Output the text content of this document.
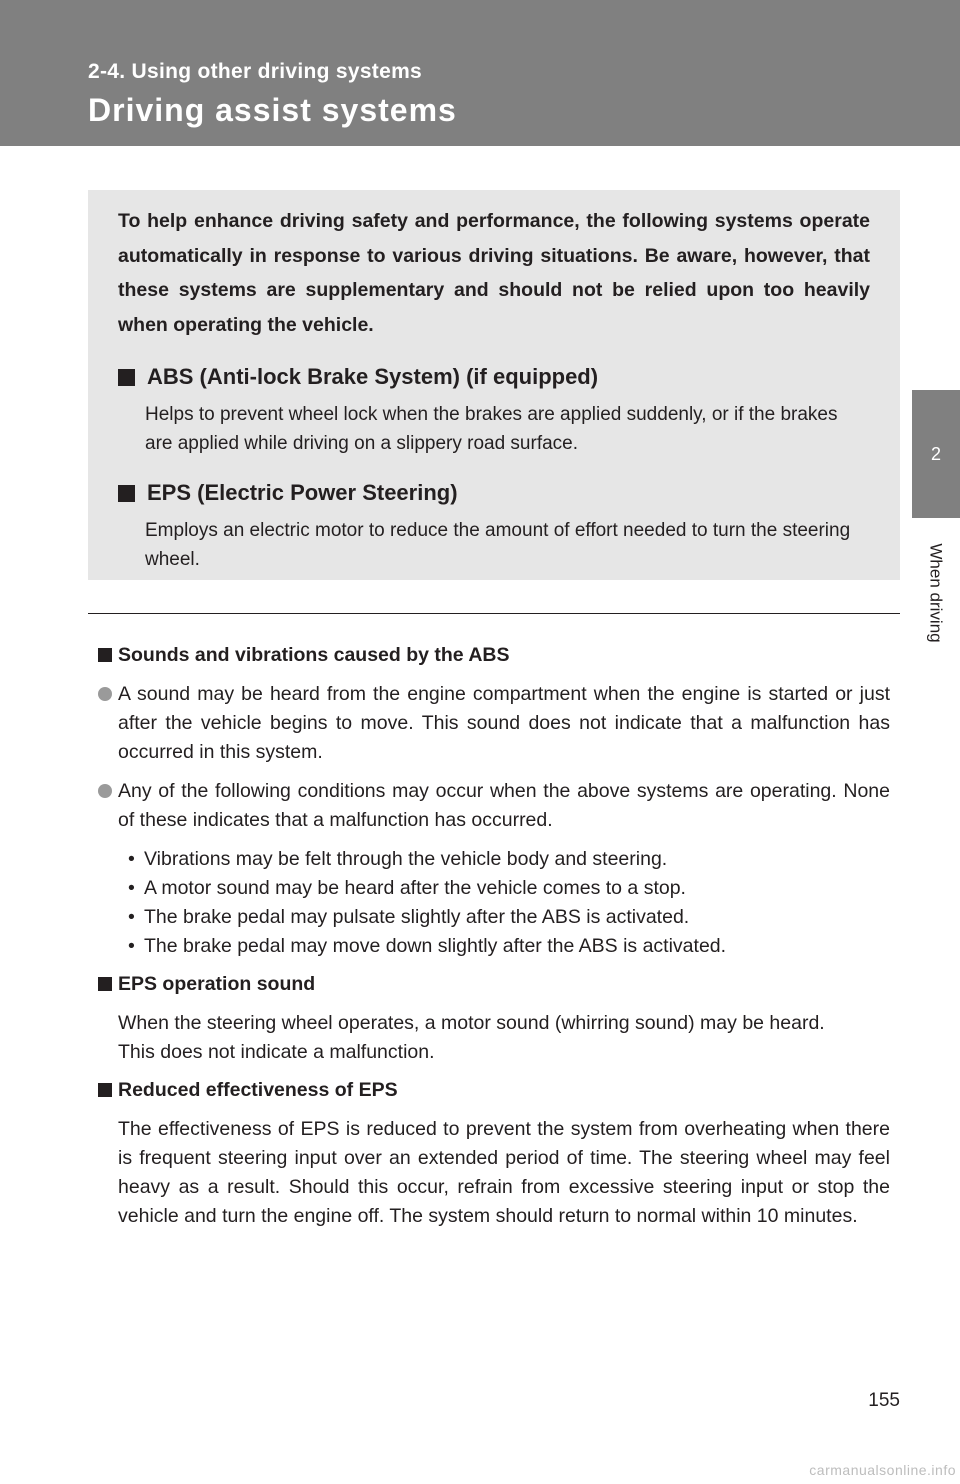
2-4. Using other driving systems
Driving assist systems
2
When driving

To help enhance driving safety and performance, the following systems operate automatically in response to various driving situations. Be aware, however, that these systems are supplementary and should not be relied upon too heavily when operating the vehicle.

ABS (Anti-lock Brake System) (if equipped)
Helps to prevent wheel lock when the brakes are applied suddenly, or if the brakes are applied while driving on a slippery road surface.
EPS (Electric Power Steering)
Employs an electric motor to reduce the amount of effort needed to turn the steering wheel.
Sounds and vibrations caused by the ABS
A sound may be heard from the engine compartment when the engine is started or just after the vehicle begins to move. This sound does not indicate that a malfunction has occurred in this system.
Any of the following conditions may occur when the above systems are operating. None of these indicates that a malfunction has occurred.
• Vibrations may be felt through the vehicle body and steering.
• A motor sound may be heard after the vehicle comes to a stop.
• The brake pedal may pulsate slightly after the ABS is activated.
• The brake pedal may move down slightly after the ABS is activated.
EPS operation sound
When the steering wheel operates, a motor sound (whirring sound) may be heard.
This does not indicate a malfunction.
Reduced effectiveness of EPS
The effectiveness of EPS is reduced to prevent the system from overheating when there is frequent steering input over an extended period of time. The steering wheel may feel heavy as a result. Should this occur, refrain from excessive steering input or stop the vehicle and turn the engine off. The system should return to normal within 10 minutes.
155
carmanualsonline.info
